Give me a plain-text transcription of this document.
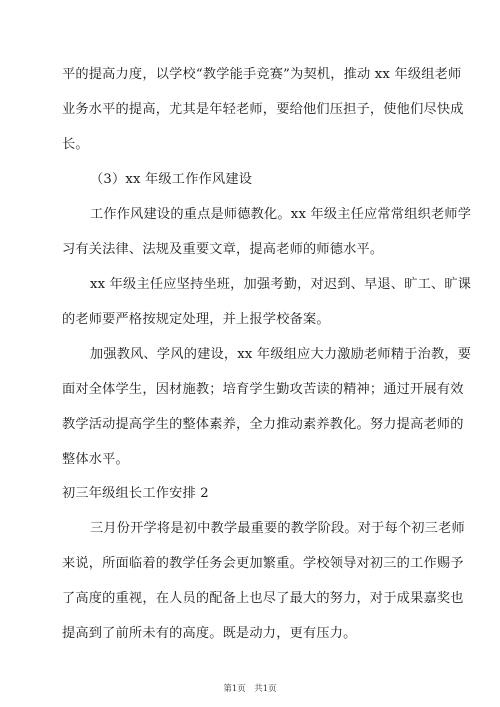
平的提高力度，以学校“教学能手竞赛”为契机，推动 xx 年级组老师
业务水平的提高，尤其是年轻老师，要给他们压担子，使他们尽快成
长。
（3）xx 年级工作作风建设
工作作风建设的重点是师德教化。xx 年级主任应常常组织老师学
习有关法律、法规及重要文章，提高老师的师德水平。
xx 年级主任应坚持坐班，加强考勤，对迟到、早退、旷工、旷课
的老师要严格按规定处理，并上报学校备案。
加强教风、学风的建设，xx 年级组应大力激励老师精于治教，要
面对全体学生，因材施教；培育学生勤攻苦读的精神；通过开展有效
教学活动提高学生的整体素养，全力推动素养教化。努力提高老师的
整体水平。
初三年级组长工作安排 2
三月份开学将是初中教学最重要的教学阶段。对于每个初三老师
来说，所面临着的教学任务会更加繁重。学校领导对初三的工作赐予
了高度的重视，在人员的配备上也尽了最大的努力，对于成果嘉奖也
提高到了前所未有的高度。既是动力，更有压力。
第1页　共1页
